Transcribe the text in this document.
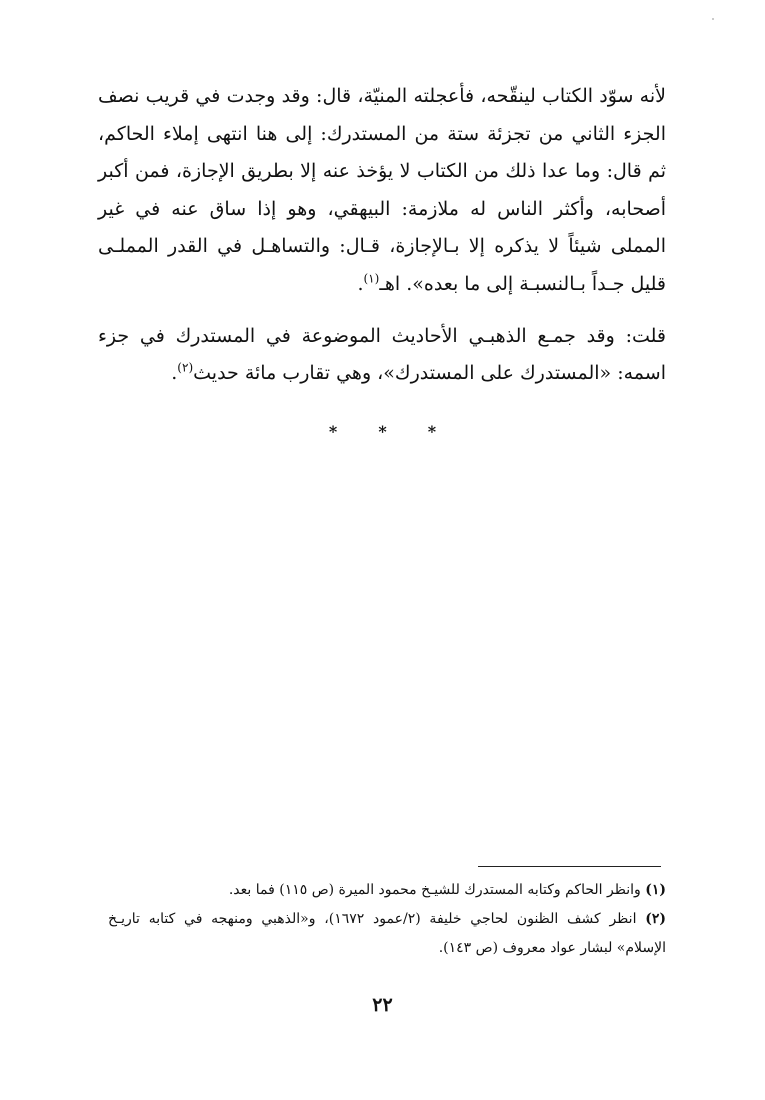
لأنه سوّد الكتاب لينقّحه، فأعجلته المنيّة، قال: وقد وجدت في قريب نصف الجزء الثاني من تجزئة ستة من المستدرك: إلى هنا انتهى إملاء الحاكم، ثم قال: وما عدا ذلك من الكتاب لا يؤخذ عنه إلا بطريق الإجازة، فمن أكبر أصحابه، وأكثر الناس له ملازمة: البيهقي، وهو إذا ساق عنه في غير المملى شيئاً لا يذكره إلا بـالإجازة، قـال: والتساهـل في القدر المملـى قليل جـداً بـالنسبـة إلى ما بعده». اهـ$^{(١)}$.

قلت: وقد جمـع الذهبـي الأحاديث الموضوعة في المستدرك في جزء اسمه: «المستدرك على المستدرك»، وهي تقارب مائة حديث$^{(٢)}$.

* * *

(١) وانظر الحاكم وكتابه المستدرك للشيـخ محمود الميرة (ص ١١٥) فما بعد.

(٢) انظر كشف الظنون لحاجي خليفة (٢/عمود ١٦٧٢)، و«الذهبي ومنهجه في كتابه تاريـخ الإسلام» لبشار عواد معروف (ص ١٤٣).

٢٢
